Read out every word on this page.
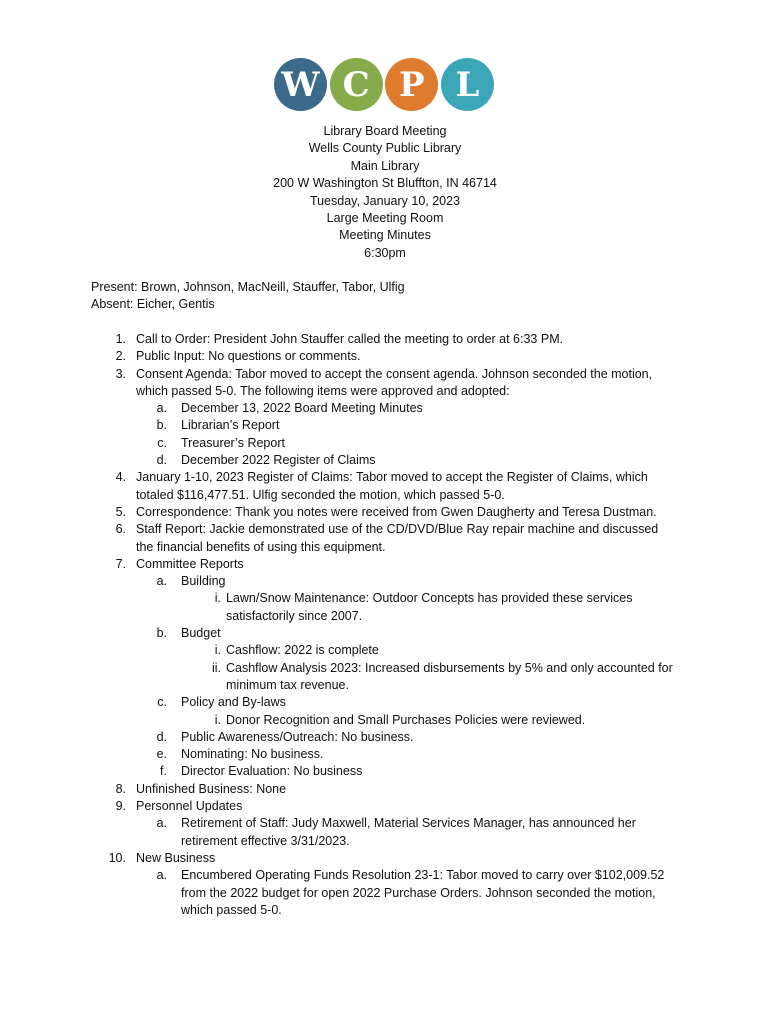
W C P L
Library Board Meeting
Wells County Public Library
Main Library
200 W Washington St Bluffton, IN 46714
Tuesday, January 10, 2023
Large Meeting Room
Meeting Minutes
6:30pm
Present: Brown, Johnson, MacNeill, Stauffer, Tabor, Ulfig
Absent: Eicher, Gentis
1. Call to Order: President John Stauffer called the meeting to order at 6:33 PM.
2. Public Input: No questions or comments.
3. Consent Agenda: Tabor moved to accept the consent agenda. Johnson seconded the motion, which passed 5-0. The following items were approved and adopted:
a. December 13, 2022 Board Meeting Minutes
b. Librarian’s Report
c. Treasurer’s Report
d. December 2022 Register of Claims
4. January 1-10, 2023 Register of Claims: Tabor moved to accept the Register of Claims, which totaled $116,477.51. Ulfig seconded the motion, which passed 5-0.
5. Correspondence: Thank you notes were received from Gwen Daugherty and Teresa Dustman.
6. Staff Report: Jackie demonstrated use of the CD/DVD/Blue Ray repair machine and discussed the financial benefits of using this equipment.
7. Committee Reports
a. Building
i. Lawn/Snow Maintenance: Outdoor Concepts has provided these services satisfactorily since 2007.
b. Budget
i. Cashflow: 2022 is complete
ii. Cashflow Analysis 2023: Increased disbursements by 5% and only accounted for minimum tax revenue.
c. Policy and By-laws
i. Donor Recognition and Small Purchases Policies were reviewed.
d. Public Awareness/Outreach: No business.
e. Nominating: No business.
f. Director Evaluation: No business
8. Unfinished Business: None
9. Personnel Updates
a. Retirement of Staff: Judy Maxwell, Material Services Manager, has announced her retirement effective 3/31/2023.
10. New Business
a. Encumbered Operating Funds Resolution 23-1: Tabor moved to carry over $102,009.52 from the 2022 budget for open 2022 Purchase Orders. Johnson seconded the motion, which passed 5-0.
